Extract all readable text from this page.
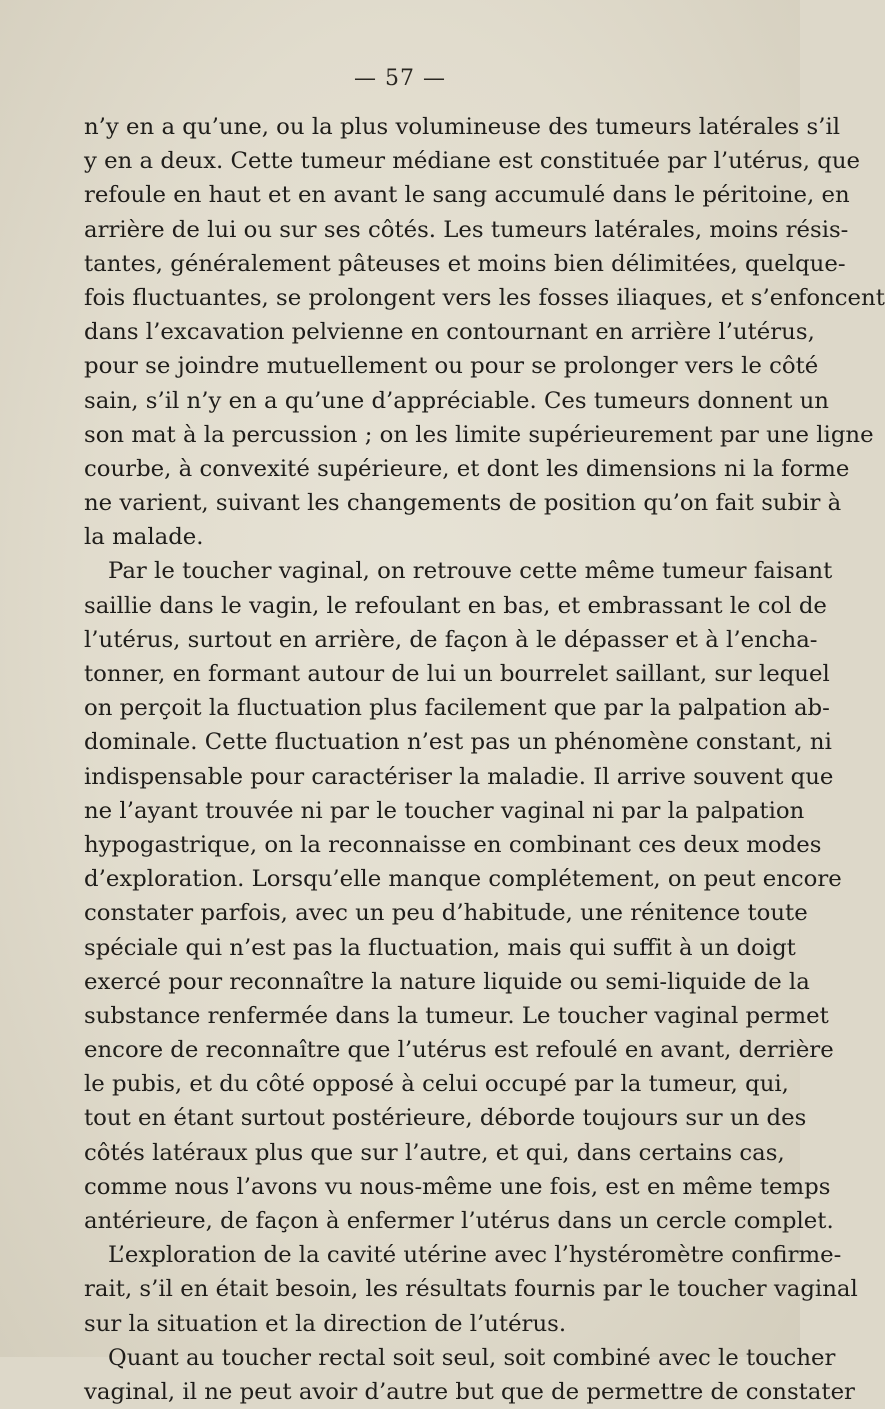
— 57 —
n’y en a qu’une, ou la plus volumineuse des tumeurs latérales s’il
y en a deux. Cette tumeur médiane est constituée par l’utérus, que
refoule en haut et en avant le sang accumulé dans le péritoine, en
arrière de lui ou sur ses côtés. Les tumeurs latérales, moins résis-
tantes, généralement pâteuses et moins bien délimitées, quelque-
fois fluctuantes, se prolongent vers les fosses iliaques, et s’enfoncent
dans l’excavation pelvienne en contournant en arrière l’utérus,
pour se joindre mutuellement ou pour se prolonger vers le côté
sain, s’il n’y en a qu’une d’appréciable. Ces tumeurs donnent un
son mat à la percussion ; on les limite supérieurement par une ligne
courbe, à convexité supérieure, et dont les dimensions ni la forme
ne varient, suivant les changements de position qu’on fait subir à
la malade.
Par le toucher vaginal, on retrouve cette même tumeur faisant
saillie dans le vagin, le refoulant en bas, et embrassant le col de
l’utérus, surtout en arrière, de façon à le dépasser et à l’encha-
tonner, en formant autour de lui un bourrelet saillant, sur lequel
on perçoit la fluctuation plus facilement que par la palpation ab-
dominale. Cette fluctuation n’est pas un phénomène constant, ni
indispensable pour caractériser la maladie. Il arrive souvent que
ne l’ayant trouvée ni par le toucher vaginal ni par la palpation
hypogastrique, on la reconnaisse en combinant ces deux modes
d’exploration. Lorsqu’elle manque complétement, on peut encore
constater parfois, avec un peu d’habitude, une rénitence toute
spéciale qui n’est pas la fluctuation, mais qui suffit à un doigt
exercé pour reconnaître la nature liquide ou semi-liquide de la
substance renfermée dans la tumeur. Le toucher vaginal permet
encore de reconnaître que l’utérus est refoulé en avant, derrière
le pubis, et du côté opposé à celui occupé par la tumeur, qui,
tout en étant surtout postérieure, déborde toujours sur un des
côtés latéraux plus que sur l’autre, et qui, dans certains cas,
comme nous l’avons vu nous-même une fois, est en même temps
antérieure, de façon à enfermer l’utérus dans un cercle complet.
L’exploration de la cavité utérine avec l’hystéromètre confirme-
rait, s’il en était besoin, les résultats fournis par le toucher vaginal
sur la situation et la direction de l’utérus.
Quant au toucher rectal soit seul, soit combiné avec le toucher
vaginal, il ne peut avoir d’autre but que de permettre de constater
